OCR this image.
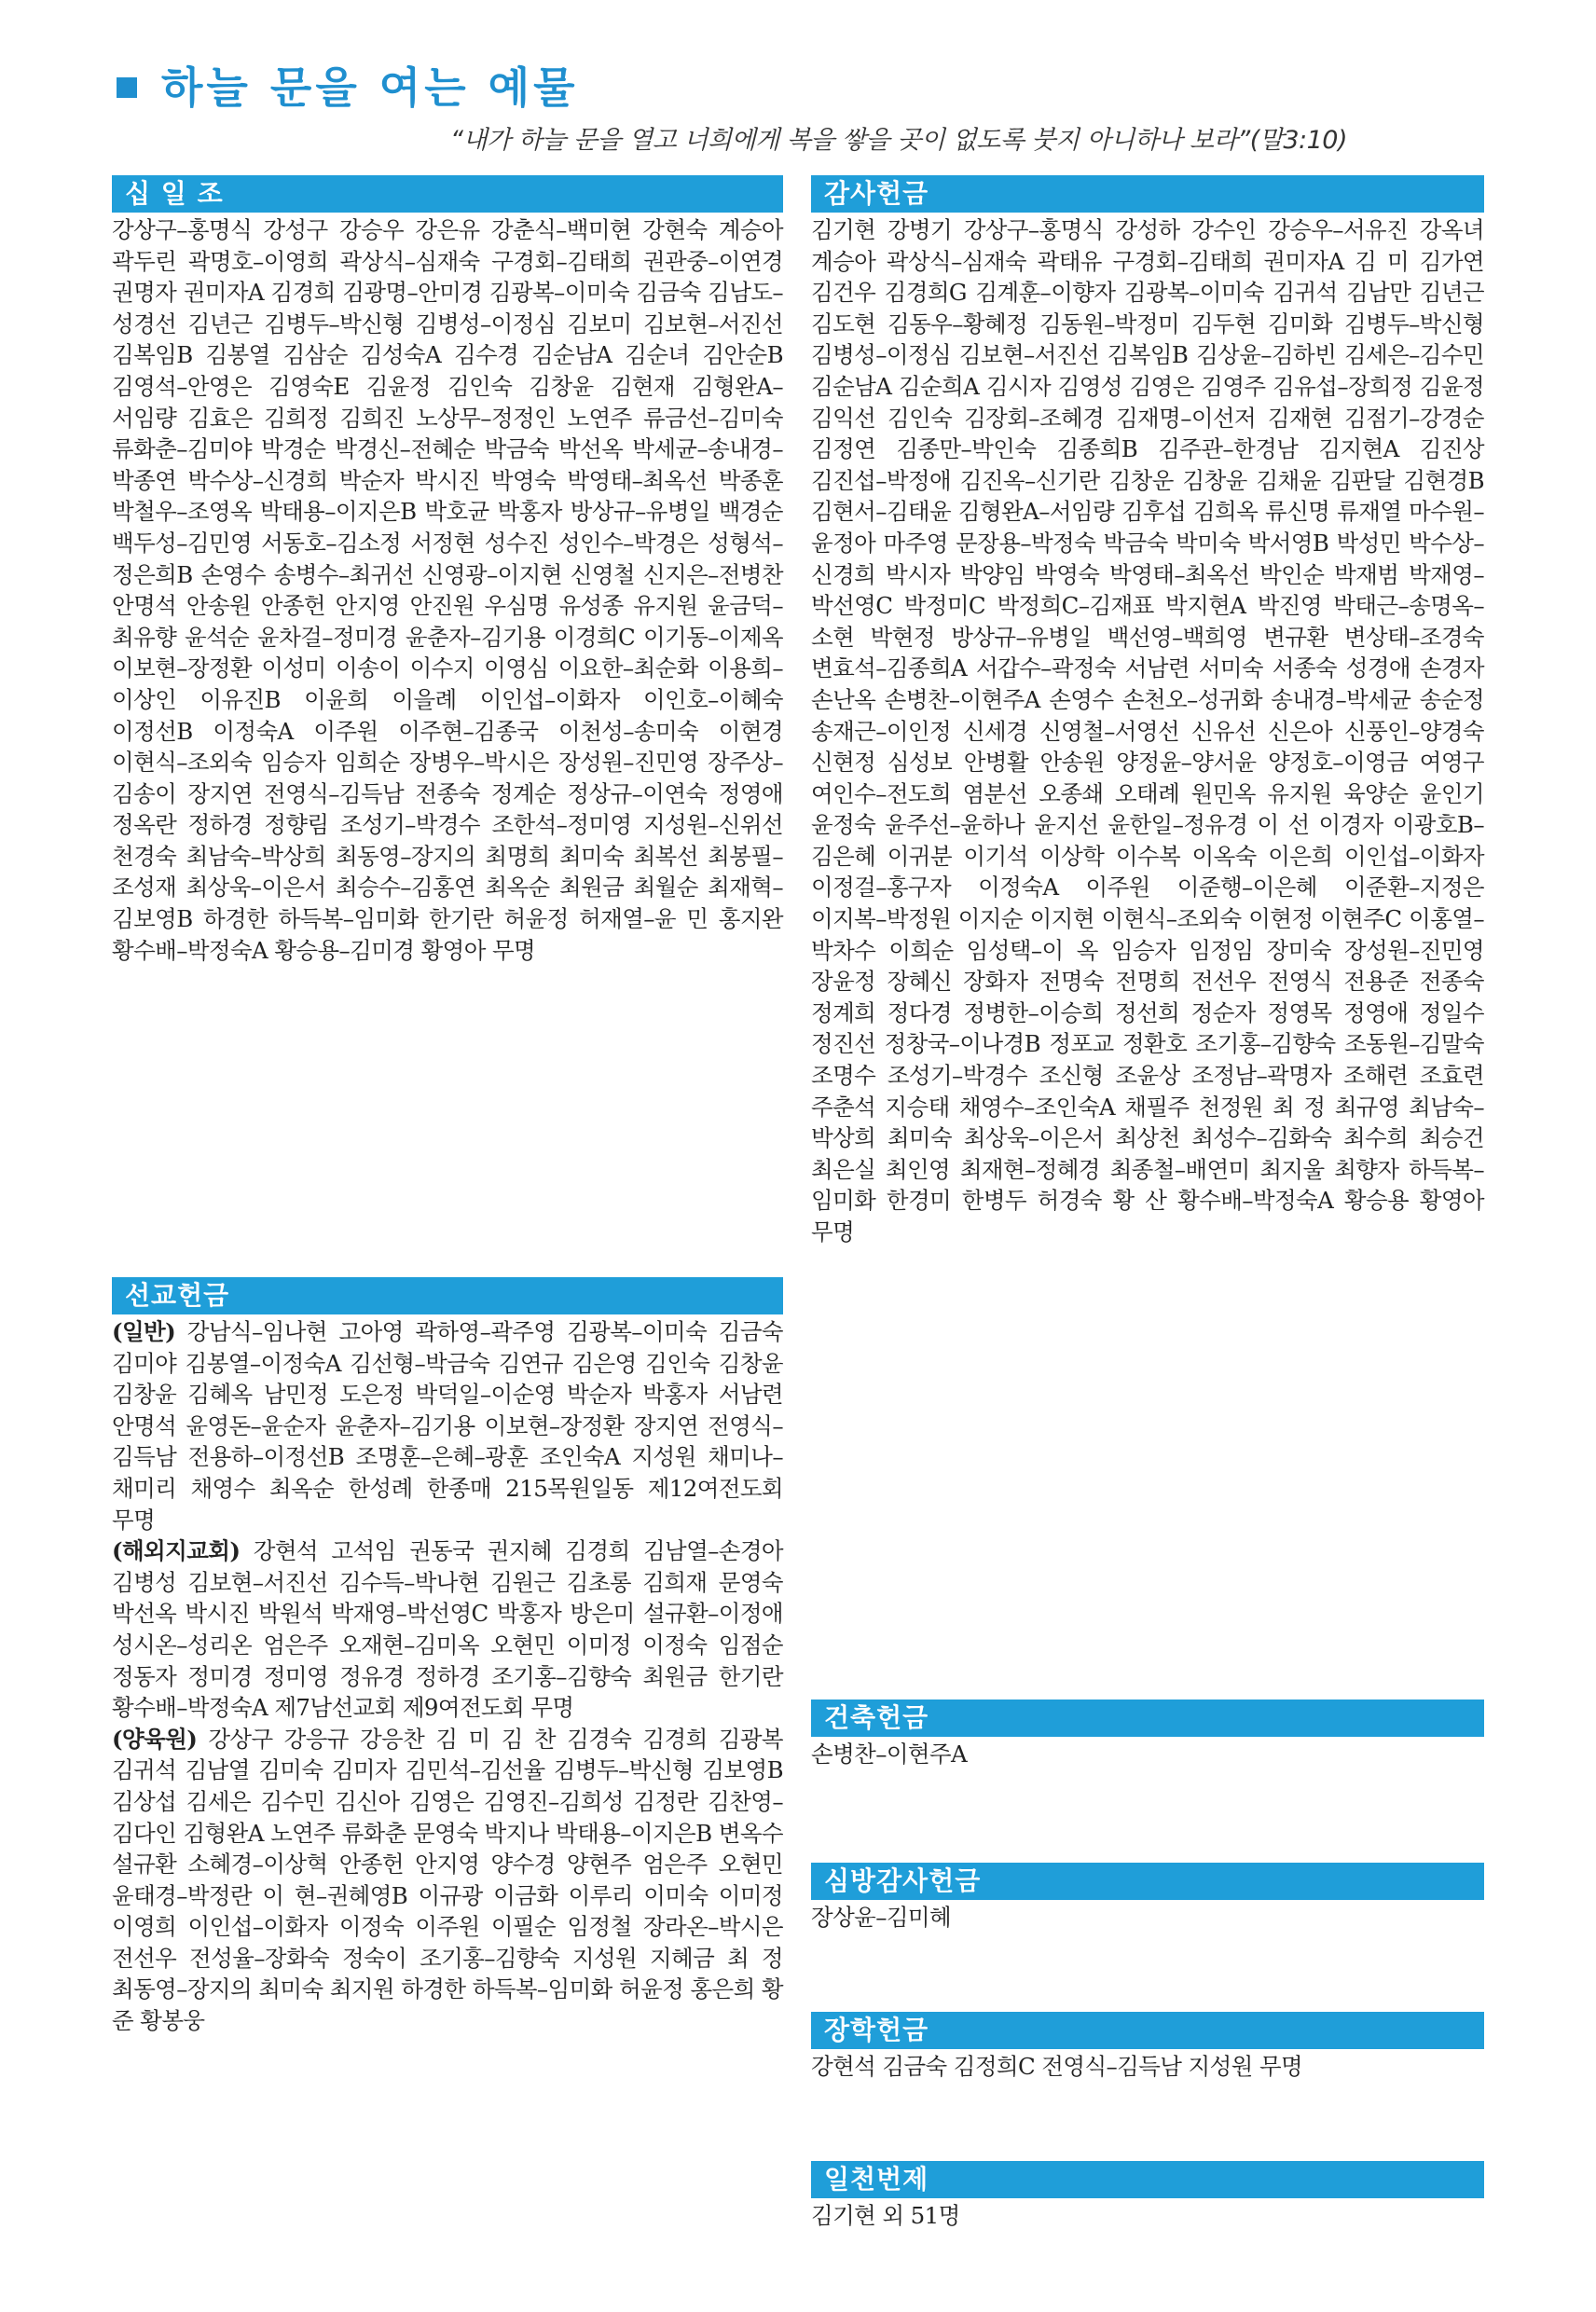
하늘 문을 여는 예물
“내가 하늘 문을 열고 너희에게 복을 쌓을 곳이 없도록 붓지 아니하나 보라”(말3:10)
십 일 조
강상구–홍명식 강성구 강승우 강은유 강춘식–백미현 강현숙 계승아 곽두린 곽명호–이영희 곽상식–심재숙 구경회–김태희 권관중–이연경 권명자 권미자A 김경희 김광명–안미경 김광복–이미숙 김금숙 김남도–성경선 김년근 김병두–박신형 김병성–이정심 김보미 김보현–서진선 김복임B 김봉열 김삼순 김성숙A 김수경 김순남A 김순녀 김안순B 김영석–안영은 김영숙E 김윤정 김인숙 김창윤 김현재 김형완A–서임량 김효은 김희정 김희진 노상무–정정인 노연주 류금선–김미숙 류화춘–김미야 박경순 박경신–전혜순 박금숙 박선옥 박세균–송내경–박종연 박수상–신경희 박순자 박시진 박영숙 박영태–최옥선 박종훈 박철우–조영옥 박태용–이지은B 박호균 박홍자 방상규–유병일 백경순 백두성–김민영 서동호–김소정 서정현 성수진 성인수–박경은 성형석–정은희B 손영수 송병수–최귀선 신영광–이지현 신영철 신지은–전병찬 안명석 안송원 안종헌 안지영 안진원 우심명 유성종 유지원 윤금덕–최유향 윤석순 윤차걸–정미경 윤춘자–김기용 이경희C 이기동–이제옥 이보현–장정환 이성미 이송이 이수지 이영심 이요한–최순화 이용희–이상인 이유진B 이윤희 이을례 이인섭–이화자 이인호–이혜숙 이정선B 이정숙A 이주원 이주현–김종국 이천성–송미숙 이현경 이현식–조외숙 임승자 임희순 장병우–박시은 장성원–진민영 장주상–김송이 장지연 전영식–김득남 전종숙 정계순 정상규–이연숙 정영애 정옥란 정하경 정향림 조성기–박경수 조한석–정미영 지성원–신위선 천경숙 최남숙–박상희 최동영–장지의 최명희 최미숙 최복선 최봉필–조성재 최상욱–이은서 최승수–김홍연 최옥순 최원금 최월순 최재혁–김보영B 하경한 하득복–임미화 한기란 허윤정 허재열–윤 민 홍지완 황수배–박정숙A 황승용–김미경 황영아 무명
선교헌금
(일반) 강남식–임나현 고아영 곽하영–곽주영 김광복–이미숙 김금숙 김미야 김봉열–이정숙A 김선형–박금숙 김연규 김은영 김인숙 김창윤 김창윤 김혜옥 남민정 도은정 박덕일–이순영 박순자 박홍자 서남련 안명석 윤영돈–윤순자 윤춘자–김기용 이보현–장정환 장지연 전영식–김득남 전용하–이정선B 조명훈–은혜–광훈 조인숙A 지성원 채미나–채미리 채영수 최옥순 한성례 한종매 215목원일동 제12여전도회 무명
(해외지교회) 강현석 고석임 권동국 권지혜 김경희 김남열–손경아 김병성 김보현–서진선 김수득–박나현 김원근 김초롱 김희재 문영숙 박선옥 박시진 박원석 박재영–박선영C 박홍자 방은미 설규환–이정애 성시온–성리온 엄은주 오재현–김미옥 오현민 이미정 이정숙 임점순 정동자 정미경 정미영 정유경 정하경 조기홍–김향숙 최원금 한기란 황수배–박정숙A 제7남선교회 제9여전도회 무명
(양육원) 강상구 강응규 강응찬 김 미 김 찬 김경숙 김경희 김광복 김귀석 김남열 김미숙 김미자 김민석–김선율 김병두–박신형 김보영B 김상섭 김세은 김수민 김신아 김영은 김영진–김희성 김정란 김찬영–김다인 김형완A 노연주 류화춘 문영숙 박지나 박태용–이지은B 변옥수 설규환 소혜경–이상혁 안종헌 안지영 양수경 양현주 엄은주 오현민 윤태경–박정란 이 현–권혜영B 이규광 이금화 이루리 이미숙 이미정 이영희 이인섭–이화자 이정숙 이주원 이필순 임정철 장라온–박시은 전선우 전성율–장화숙 정숙이 조기홍–김향숙 지성원 지혜금 최 정 최동영–장지의 최미숙 최지원 하경한 하득복–임미화 허윤정 홍은희 황 준 황봉웅
감사헌금
김기현 강병기 강상구–홍명식 강성하 강수인 강승우–서유진 강옥녀 계승아 곽상식–심재숙 곽태유 구경회–김태희 권미자A 김 미 김가연 김건우 김경희G 김계훈–이향자 김광복–이미숙 김귀석 김남만 김년근 김도현 김동우–황혜정 김동원–박정미 김두현 김미화 김병두–박신형 김병성–이정심 김보현–서진선 김복임B 김상윤–김하빈 김세은–김수민 김순남A 김순희A 김시자 김영성 김영은 김영주 김유섭–장희정 김윤정 김익선 김인숙 김장회–조혜경 김재명–이선저 김재현 김점기–강경순 김정연 김종만–박인숙 김종희B 김주관–한경남 김지현A 김진상 김진섭–박정애 김진옥–신기란 김창운 김창윤 김채윤 김판달 김현경B 김현서–김태윤 김형완A–서임량 김후섭 김희옥 류신명 류재열 마수원–윤정아 마주영 문장용–박정숙 박금숙 박미숙 박서영B 박성민 박수상–신경희 박시자 박양임 박영숙 박영태–최옥선 박인순 박재범 박재영–박선영C 박정미C 박정희C–김재표 박지현A 박진영 박태근–송명옥–소현 박현정 방상규–유병일 백선영–백희영 변규환 변상태–조경숙 변효석–김종희A 서갑수–곽정숙 서남련 서미숙 서종숙 성경애 손경자 손난옥 손병찬–이현주A 손영수 손천오–성귀화 송내경–박세균 송순정 송재근–이인정 신세경 신영철–서영선 신유선 신은아 신풍인–양경숙 신현정 심성보 안병활 안송원 양정윤–양서윤 양정호–이영금 여영구 여인수–전도희 염분선 오종쇄 오태례 원민옥 유지원 육양순 윤인기 윤정숙 윤주선–윤하나 윤지선 윤한일–정유경 이 선 이경자 이광호B–김은혜 이귀분 이기석 이상학 이수복 이옥숙 이은희 이인섭–이화자 이정걸–홍구자 이정숙A 이주원 이준행–이은혜 이준환–지정은 이지복–박정원 이지순 이지현 이현식–조외숙 이현정 이현주C 이홍열–박차수 이희순 임성택–이 옥 임승자 임정임 장미숙 장성원–진민영 장윤정 장혜신 장화자 전명숙 전명희 전선우 전영식 전용준 전종숙 정계희 정다경 정병한–이승희 정선희 정순자 정영목 정영애 정일수 정진선 정창국–이나경B 정포교 정환호 조기홍–김향숙 조동원–김말숙 조명수 조성기–박경수 조신형 조윤상 조정남–곽명자 조해련 조효련 주춘석 지승태 채영수–조인숙A 채필주 천정원 최 정 최규영 최남숙–박상희 최미숙 최상욱–이은서 최상천 최성수–김화숙 최수희 최승건 최은실 최인영 최재현–정혜경 최종철–배연미 최지울 최향자 하득복–임미화 한경미 한병두 허경숙 황 산 황수배–박정숙A 황승용 황영아 무명
건축헌금
손병찬–이현주A
심방감사헌금
장상윤–김미혜
장학헌금
강현석 김금숙 김정희C 전영식–김득남 지성원 무명
일천번제
김기현 외 51명
